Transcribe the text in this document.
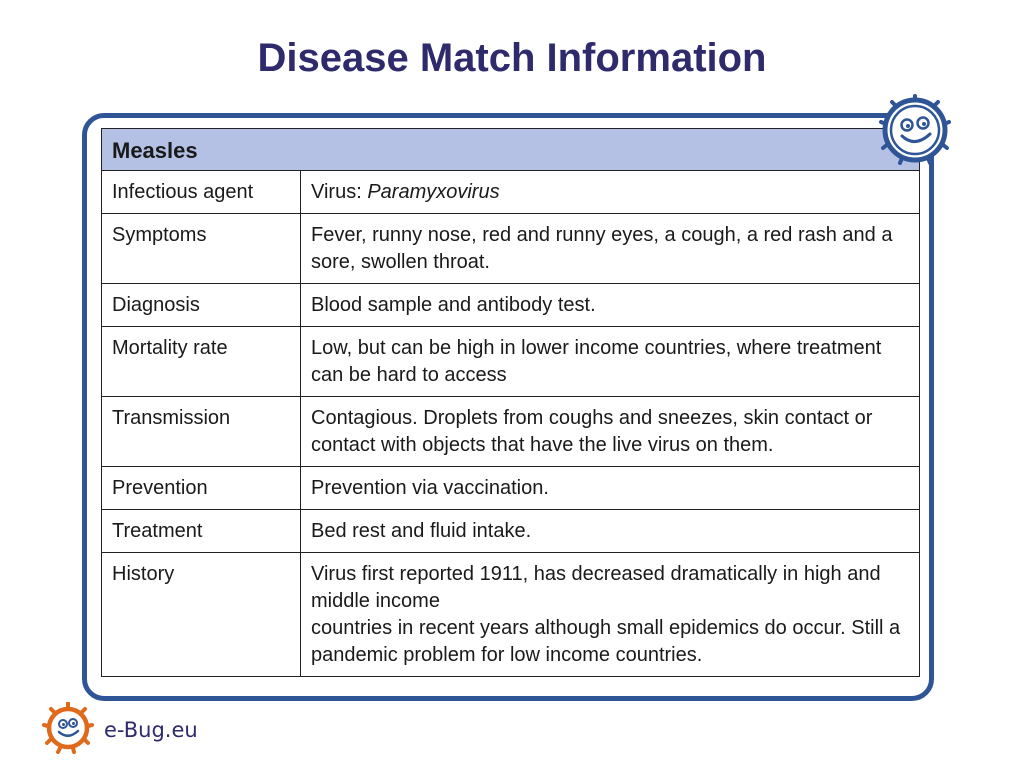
Disease Match Information
Measles	
Infectious agent	Virus: Paramyxovirus
Symptoms	Fever, runny nose, red and runny eyes, a cough, a red rash and a sore, swollen throat.
Diagnosis	Blood sample and antibody test.
Mortality rate	Low, but can be high in lower income countries, where treatment can be hard to access
Transmission	Contagious. Droplets from coughs and sneezes, skin contact or contact with objects that have the live virus on them.
Prevention	Prevention via vaccination.
Treatment	Bed rest and fluid intake.
History	Virus first reported 1911, has decreased dramatically in high and middle income
countries in recent years although small epidemics do occur. Still a pandemic problem for low income countries.
e-Bug.eu
